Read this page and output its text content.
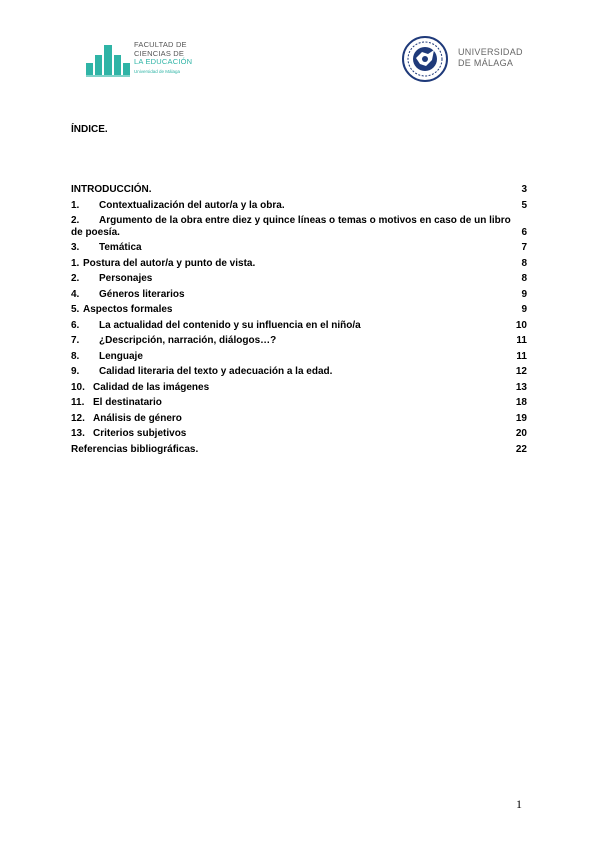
FACULTAD DE
CIENCIAS DE
LA EDUCACIÓN
Universidad de Málaga
UNIVERSIDAD
DE MÁLAGA
ÍNDICE.
INTRODUCCIÓN.	3
1.	Contextualización del autor/a y la obra.	5
2. Argumento de la obra entre diez y quince líneas o temas o motivos en caso de un libro de poesía.	6
3.	Temática	7
1. Postura del autor/a y punto de vista.	8
2.	Personajes	8
4.	Géneros literarios	9
5. Aspectos formales	9
6.	La actualidad del contenido y su influencia en el niño/a	10
7.	¿Descripción, narración, diálogos…?	11
8.	Lenguaje	11
9.	Calidad literaria del texto y adecuación a la edad.	12
10. Calidad de las imágenes	13
11. El destinatario	18
12. Análisis de género	19
13. Criterios subjetivos	20
Referencias bibliográficas.	22
1
